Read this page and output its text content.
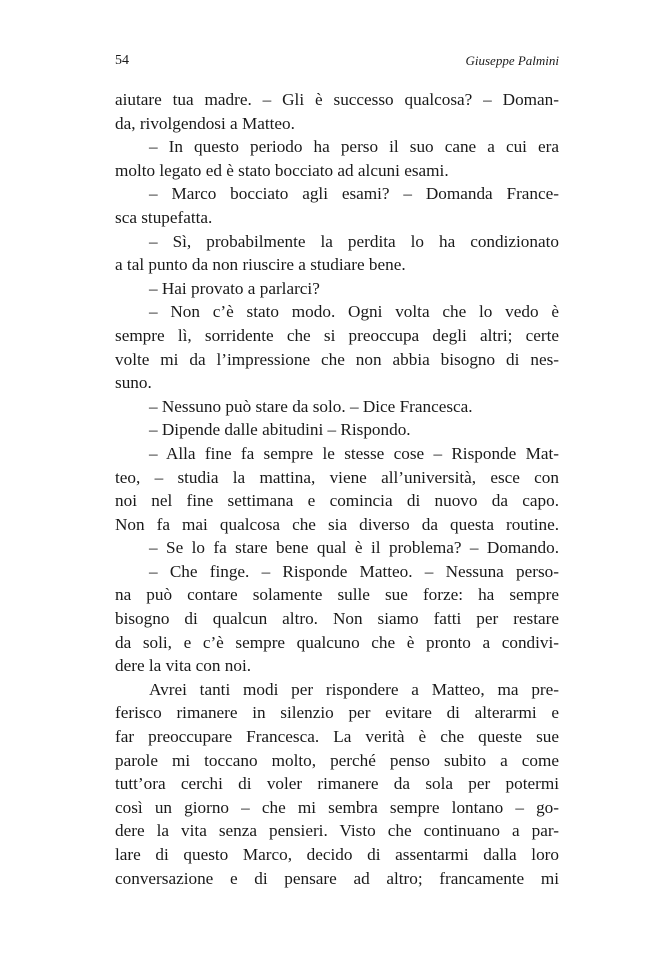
54	Giuseppe Palmini
aiutare tua madre. – Gli è successo qualcosa? – Doman-
da, rivolgendosi a Matteo.
– In questo periodo ha perso il suo cane a cui era
molto legato ed è stato bocciato ad alcuni esami.
– Marco bocciato agli esami? – Domanda France-
sca stupefatta.
– Sì, probabilmente la perdita lo ha condizionato
a tal punto da non riuscire a studiare bene.
– Hai provato a parlarci?
– Non c’è stato modo. Ogni volta che lo vedo è
sempre lì, sorridente che si preoccupa degli altri; certe
volte mi da l’impressione che non abbia bisogno di nes-
suno.
– Nessuno può stare da solo. – Dice Francesca.
– Dipende dalle abitudini – Rispondo.
– Alla fine fa sempre le stesse cose – Risponde Mat-
teo, – studia la mattina, viene all’università, esce con
noi nel fine settimana e comincia di nuovo da capo.
Non fa mai qualcosa che sia diverso da questa routine.
– Se lo fa stare bene qual è il problema? – Domando.
– Che finge. – Risponde Matteo. – Nessuna perso-
na può contare solamente sulle sue forze: ha sempre
bisogno di qualcun altro. Non siamo fatti per restare
da soli, e c’è sempre qualcuno che è pronto a condivi-
dere la vita con noi.
Avrei tanti modi per rispondere a Matteo, ma pre-
ferisco rimanere in silenzio per evitare di alterarmi e
far preoccupare Francesca. La verità è che queste sue
parole mi toccano molto, perché penso subito a come
tutt’ora cerchi di voler rimanere da sola per potermi
così un giorno – che mi sembra sempre lontano – go-
dere la vita senza pensieri. Visto che continuano a par-
lare di questo Marco, decido di assentarmi dalla loro
conversazione e di pensare ad altro; francamente mi
